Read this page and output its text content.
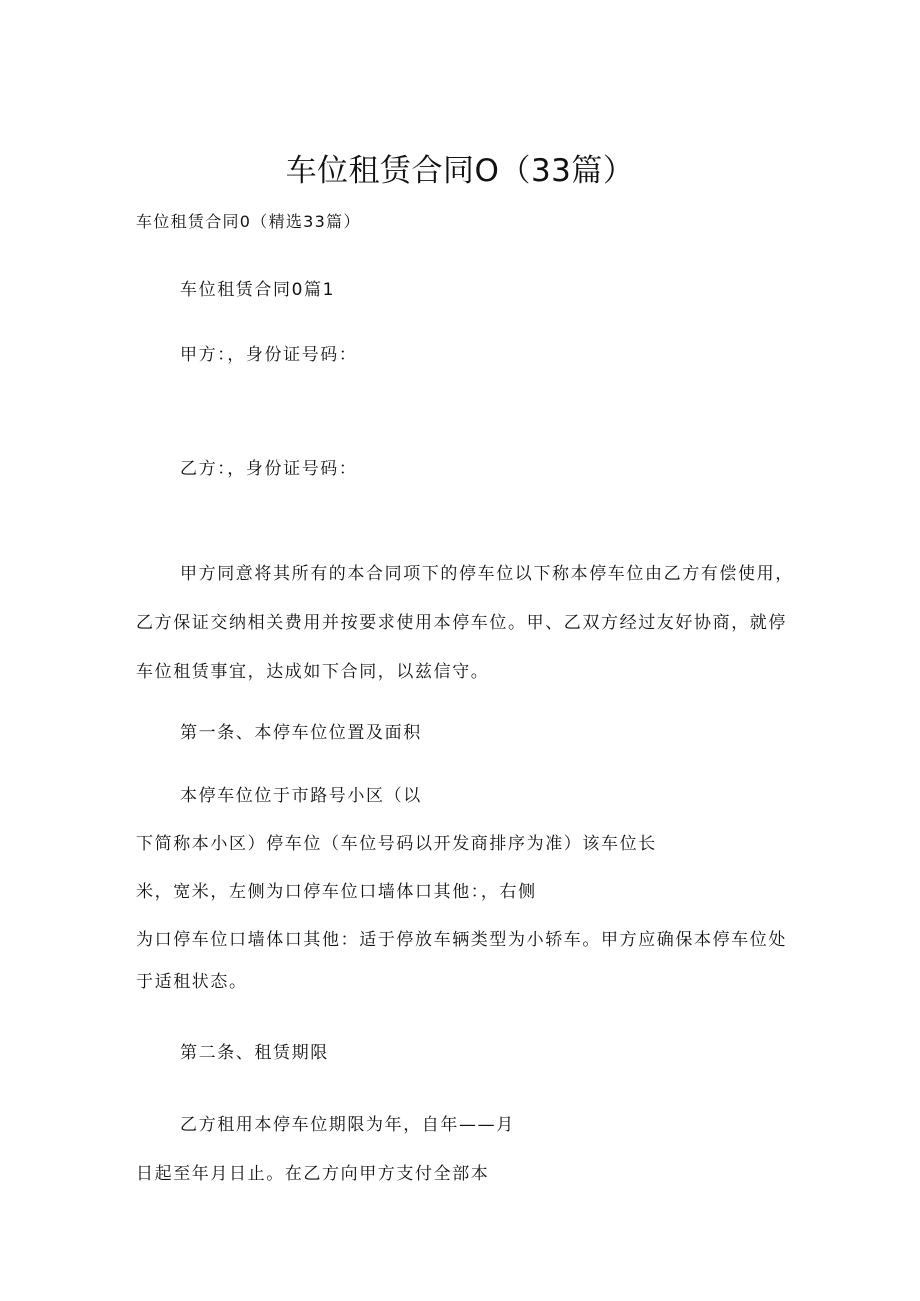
车位租赁合同O（33篇）
车位租赁合同0（精选33篇）
车位租赁合同0篇1
甲方：，身份证号码：
乙方：，身份证号码：
甲方同意将其所有的本合同项下的停车位以下称本停车位由乙方有偿使用，
乙方保证交纳相关费用并按要求使用本停车位。甲、乙双方经过友好协商，就停
车位租赁事宜，达成如下合同，以兹信守。
第一条、本停车位位置及面积
本停车位位于市路号小区（以
下简称本小区）停车位（车位号码以开发商排序为准）该车位长
米，宽米，左侧为口停车位口墙体口其他：，右侧
为口停车位口墙体口其他：适于停放车辆类型为小轿车。甲方应确保本停车位处
于适租状态。
第二条、租赁期限
乙方租用本停车位期限为年，自年——月
日起至年月日止。在乙方向甲方支付全部本
